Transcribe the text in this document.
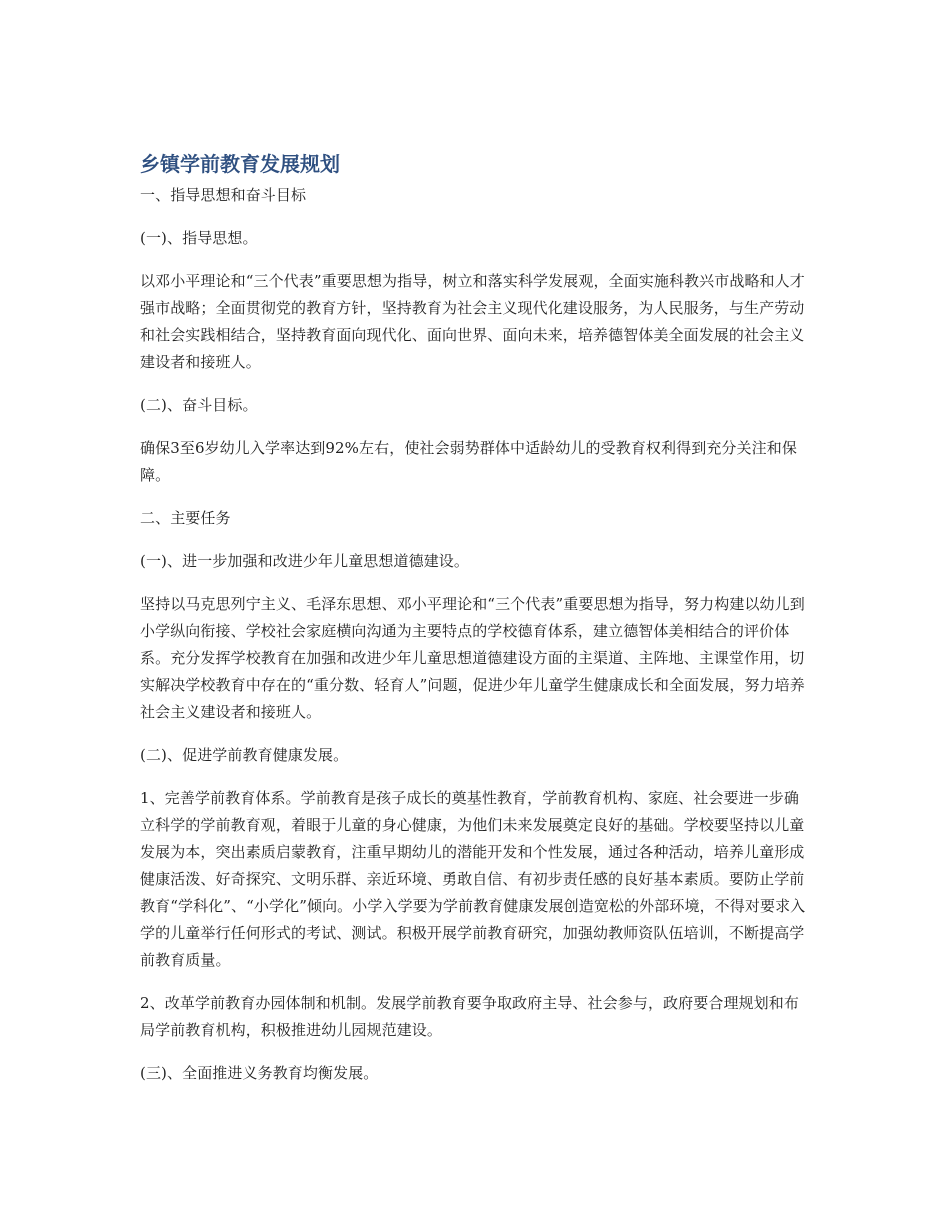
乡镇学前教育发展规划
一、指导思想和奋斗目标
(一)、指导思想。
以邓小平理论和“三个代表”重要思想为指导，树立和落实科学发展观，全面实施科教兴市战略和人才强市战略；全面贯彻党的教育方针，坚持教育为社会主义现代化建设服务，为人民服务，与生产劳动和社会实践相结合，坚持教育面向现代化、面向世界、面向未来，培养德智体美全面发展的社会主义建设者和接班人。
(二)、奋斗目标。
确保3至6岁幼儿入学率达到92%左右，使社会弱势群体中适龄幼儿的受教育权利得到充分关注和保障。
二、主要任务
(一)、进一步加强和改进少年儿童思想道德建设。
坚持以马克思列宁主义、毛泽东思想、邓小平理论和“三个代表”重要思想为指导，努力构建以幼儿到小学纵向衔接、学校社会家庭横向沟通为主要特点的学校德育体系，建立德智体美相结合的评价体系。充分发挥学校教育在加强和改进少年儿童思想道德建设方面的主渠道、主阵地、主课堂作用，切实解决学校教育中存在的“重分数、轻育人”问题，促进少年儿童学生健康成长和全面发展，努力培养社会主义建设者和接班人。
(二)、促进学前教育健康发展。
1、完善学前教育体系。学前教育是孩子成长的奠基性教育，学前教育机构、家庭、社会要进一步确立科学的学前教育观，着眼于儿童的身心健康，为他们未来发展奠定良好的基础。学校要坚持以儿童发展为本，突出素质启蒙教育，注重早期幼儿的潜能开发和个性发展，通过各种活动，培养儿童形成健康活泼、好奇探究、文明乐群、亲近环境、勇敢自信、有初步责任感的良好基本素质。要防止学前教育“学科化”、“小学化”倾向。小学入学要为学前教育健康发展创造宽松的外部环境，不得对要求入学的儿童举行任何形式的考试、测试。积极开展学前教育研究，加强幼教师资队伍培训，不断提高学前教育质量。
2、改革学前教育办园体制和机制。发展学前教育要争取政府主导、社会参与，政府要合理规划和布局学前教育机构，积极推进幼儿园规范建设。
(三)、全面推进义务教育均衡发展。
